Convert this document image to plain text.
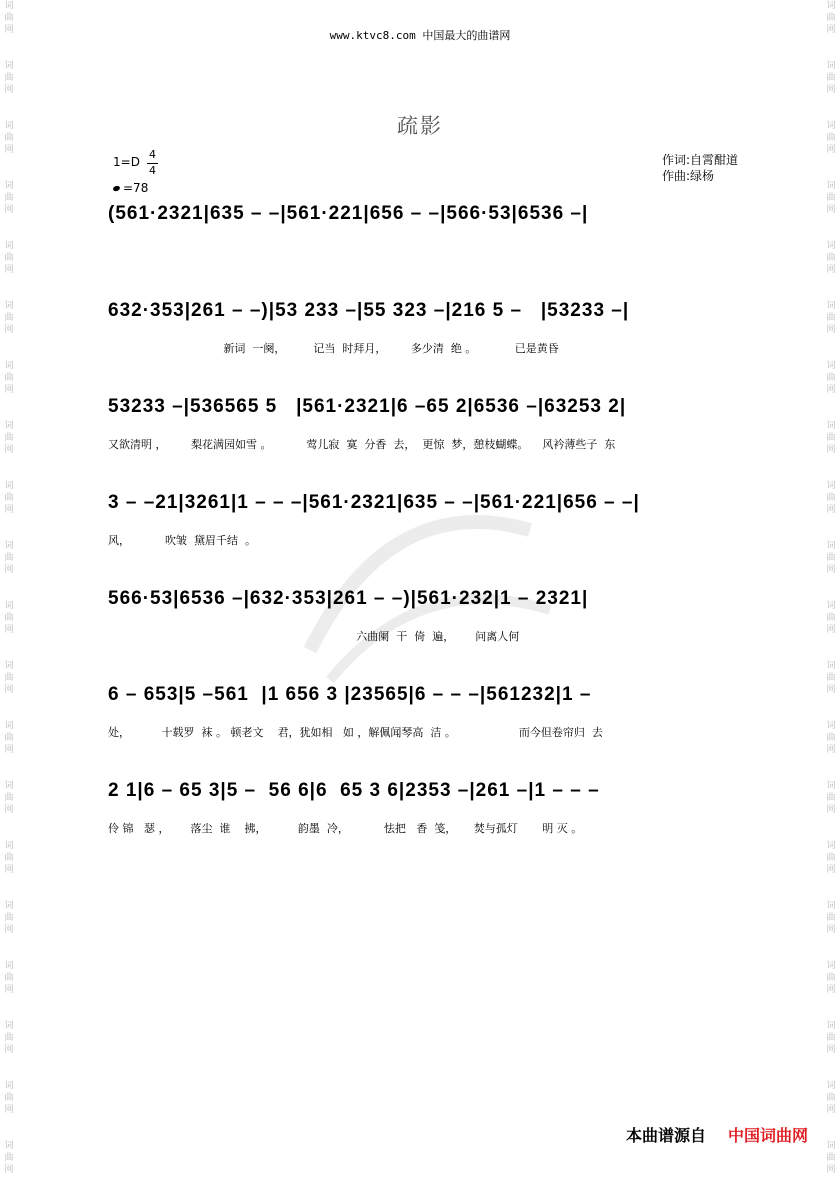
词
曲
网
词
曲
网
词
曲
网
词
曲
网
词
曲
网
词
曲
网
词
曲
网
词
曲
网
词
曲
网
词
曲
网
词
曲
网
词
曲
网
词
曲
网
词
曲
网
词
曲
网
词
曲
网
词
曲
网
词
曲
网
词
曲
网
词
曲
网
词
曲
网
词
曲
网
词
曲
网
词
曲
网
词
曲
网
词
曲
网
词
曲
网
词
曲
网
词
曲
网
词
曲
网
词
曲
网
词
曲
网
词
曲
网
词
曲
网
词
曲
网
词
曲
网
词
曲
网
词
曲
网
词
曲
网
词
曲
网
www.ktvc8.com 中国最大的曲谱网
疏影
1=D
4
4
=78
作词:自霄酣道
作曲:绿杨
(561·2321|635 – –|561·221|656 – –|566·53|6536 –|
632·353|261 – –)|53 233 –|55 323 –|216 5 –   |53233 –|
新词  一阕，        记当  时拜月，       多少清  绝 。           已是黄昏
53233 –|536565 5   |561·2321|6 –65 2|6536 –|63253 2|
又欲清明 ，       梨花满园如雪 。          莺儿寂  寞  分香  去，  更惊  梦，憩枝蝴蝶。    风衿薄些子  东
3 – –21|3261|1 – – –|561·2321|635 – –|561·221|656 – –|
风，          吹皱  黛眉千结  。
566·53|6536 –|632·353|261 – –)|561·232|1 – 2321|
六曲阑  干  倚  遍，      问离人何
6 – 653|5 –561  |1 656 3 |23565|6 – – –|561232|1 –
处，         十载罗  袜 。 顿老文    君，犹如相   如 ，解佩闻琴高  洁 。                  而今但卷帘归  去
2 1|6 – 65 3|5 –  56 6|6  65 3 6|2353 –|261 –|1 – – –
伶 锦   瑟 ，      落尘  谁    拂，         韵墨  冷，          怯把   香  笺，     焚与孤灯       明 灭 。
本曲谱源自 中国词曲网
